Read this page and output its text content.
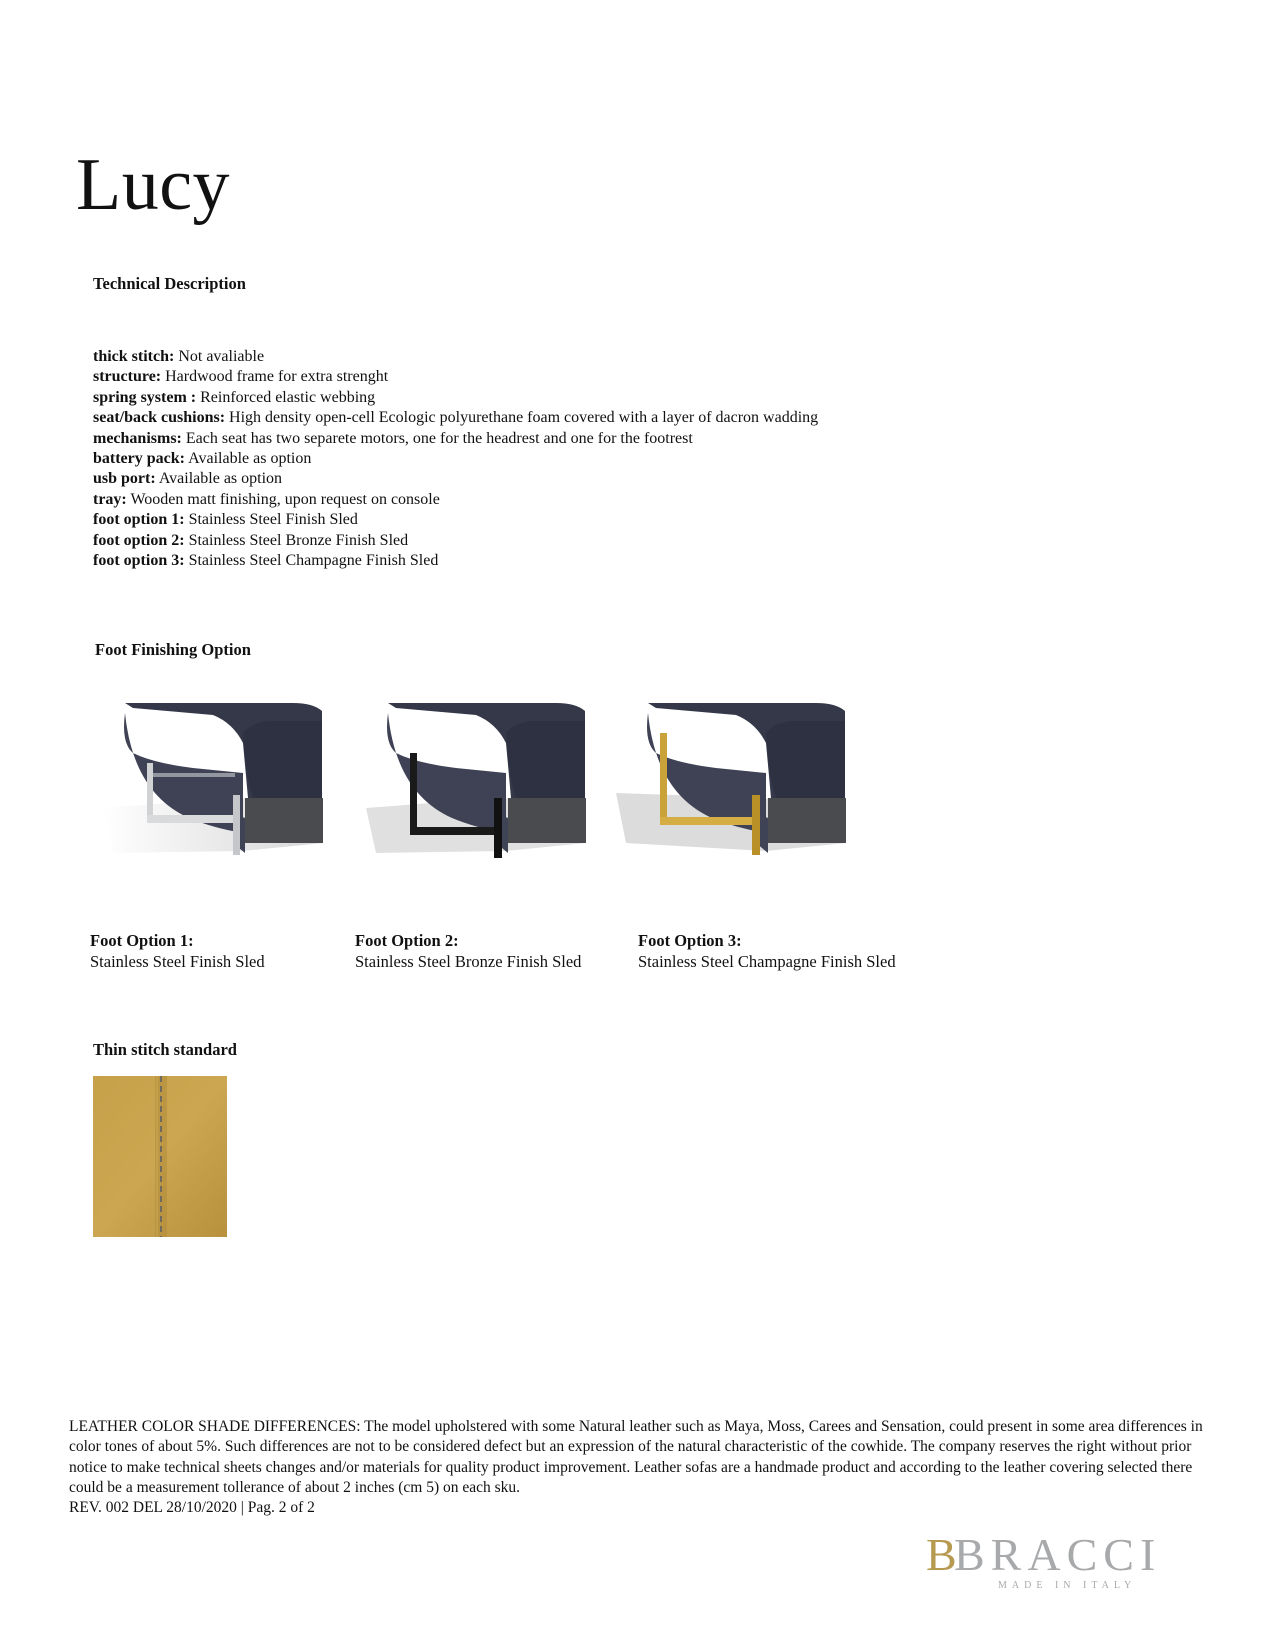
Lucy
Technical Description
thick stitch: Not avaliable
structure: Hardwood frame for extra strenght
spring system : Reinforced elastic webbing
seat/back cushions: High density open-cell Ecologic polyurethane foam covered with a layer of dacron wadding
mechanisms: Each seat has two separete motors, one for the headrest and one for the footrest
battery pack: Available as option
usb port: Available as option
tray: Wooden matt finishing, upon request on console
foot option 1: Stainless Steel Finish Sled
foot option 2: Stainless Steel Bronze Finish Sled
foot option 3: Stainless Steel Champagne Finish Sled
Foot Finishing Option
Foot Option 1:
Stainless Steel Finish Sled
Foot Option 2:
Stainless Steel Bronze Finish Sled
Foot Option 3:
Stainless Steel Champagne Finish Sled
Thin stitch standard
LEATHER COLOR SHADE DIFFERENCES: The model upholstered with some Natural leather such as Maya, Moss, Carees and Sensation, could present in some area differences in color tones of about 5%. Such differences are not to be considered defect but an expression of the natural characteristic of the cowhide. The company reserves the right without prior notice to make technical sheets changes and/or materials for quality product improvement. Leather sofas are a handmade product and according to the leather covering selected there could be a measurement tollerance of about 2 inches (cm 5) on each sku.
REV. 002 DEL 28/10/2020 | Pag. 2 of 2
B
BRACCI
MADE IN ITALY
